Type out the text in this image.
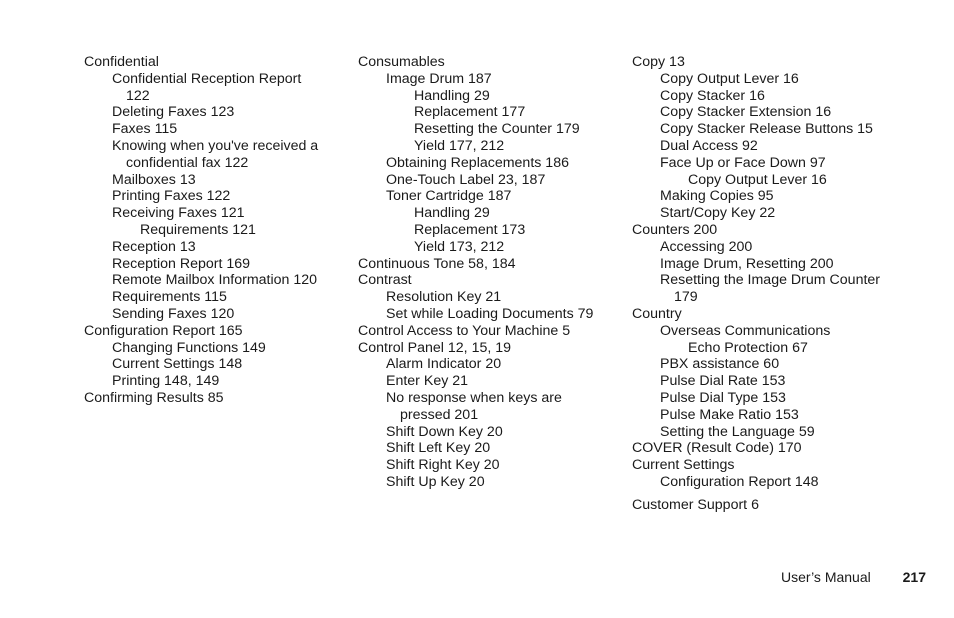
Confidential
Confidential Reception Report
122
Deleting Faxes 123
Faxes 115
Knowing when you've received a
confidential fax 122
Mailboxes 13
Printing Faxes 122
Receiving Faxes 121
Requirements 121
Reception 13
Reception Report 169
Remote Mailbox Information 120
Requirements 115
Sending Faxes 120
Configuration Report 165
Changing Functions 149
Current Settings 148
Printing 148, 149
Confirming Results 85
Consumables
Image Drum 187
Handling 29
Replacement 177
Resetting the Counter 179
Yield 177, 212
Obtaining Replacements 186
One-Touch Label 23, 187
Toner Cartridge 187
Handling 29
Replacement 173
Yield 173, 212
Continuous Tone 58, 184
Contrast
Resolution Key 21
Set while Loading Documents 79
Control Access to Your Machine 5
Control Panel 12, 15, 19
Alarm Indicator 20
Enter Key 21
No response when keys are
pressed 201
Shift Down Key 20
Shift Left Key 20
Shift Right Key 20
Shift Up Key 20
Copy 13
Copy Output Lever 16
Copy Stacker 16
Copy Stacker Extension 16
Copy Stacker Release Buttons 15
Dual Access 92
Face Up or Face Down 97
Copy Output Lever 16
Making Copies 95
Start/Copy Key 22
Counters 200
Accessing 200
Image Drum, Resetting 200
Resetting the Image Drum Counter
179
Country
Overseas Communications
Echo Protection 67
PBX assistance 60
Pulse Dial Rate 153
Pulse Dial Type 153
Pulse Make Ratio 153
Setting the Language 59
COVER (Result Code) 170
Current Settings
Configuration Report 148
Customer Support 6
User’s Manual 217
